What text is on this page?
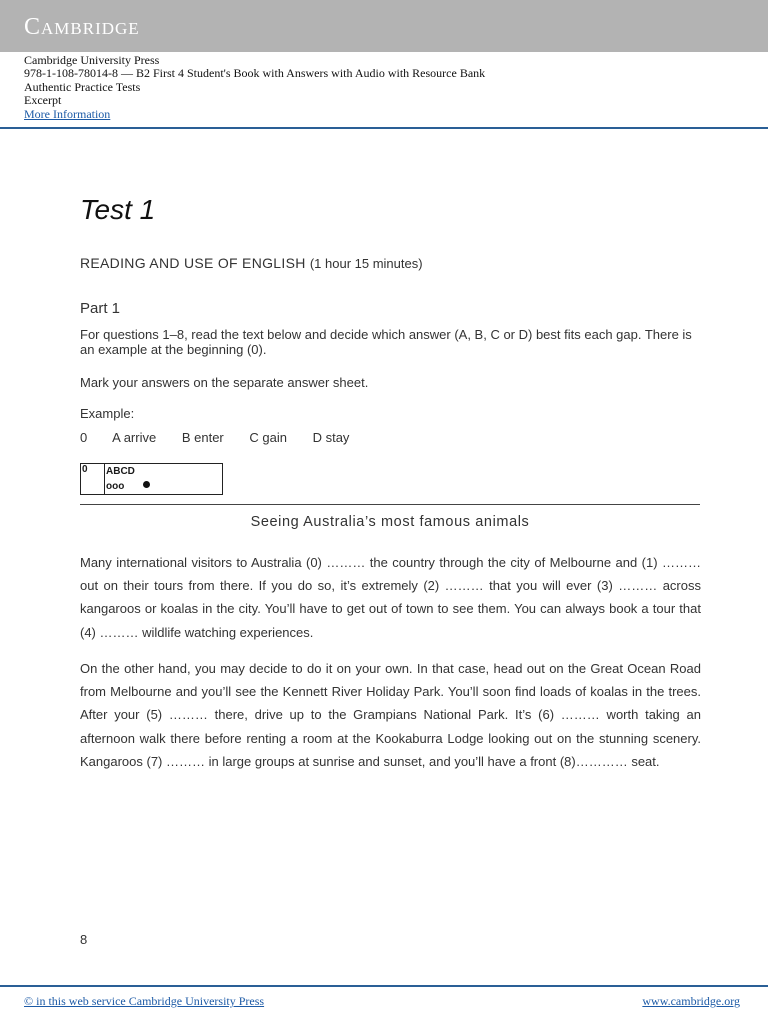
Cambridge
Cambridge University Press
978-1-108-78014-8 — B2 First 4 Student's Book with Answers with Audio with Resource Bank
Authentic Practice Tests
Excerpt
More Information
Test 1
READING AND USE OF ENGLISH (1 hour 15 minutes)
Part 1
For questions 1–8, read the text below and decide which answer (A, B, C or D) best fits each gap. There is an example at the beginning (0).
Mark your answers on the separate answer sheet.
Example:
0 A arrive B enter C gain D stay
0	ABCD
ooo
Seeing Australia’s most famous animals
Many international visitors to Australia (0) ……… the country through the city of Melbourne and (1) ……… out on their tours from there. If you do so, it’s extremely (2) ……… that you will ever (3) ……… across kangaroos or koalas in the city. You’ll have to get out of town to see them. You can always book a tour that (4) ……… wildlife watching experiences.
On the other hand, you may decide to do it on your own. In that case, head out on the Great Ocean Road from Melbourne and you’ll see the Kennett River Holiday Park. You’ll soon find loads of koalas in the trees. After your (5) ……… there, drive up to the Grampians National Park. It’s (6) ……… worth taking an afternoon walk there before renting a room at the Kookaburra Lodge looking out on the stunning scenery. Kangaroos (7) ……… in large groups at sunrise and sunset, and you’ll have a front (8)………… seat.
8
© in this web service Cambridge University Press	www.cambridge.org
